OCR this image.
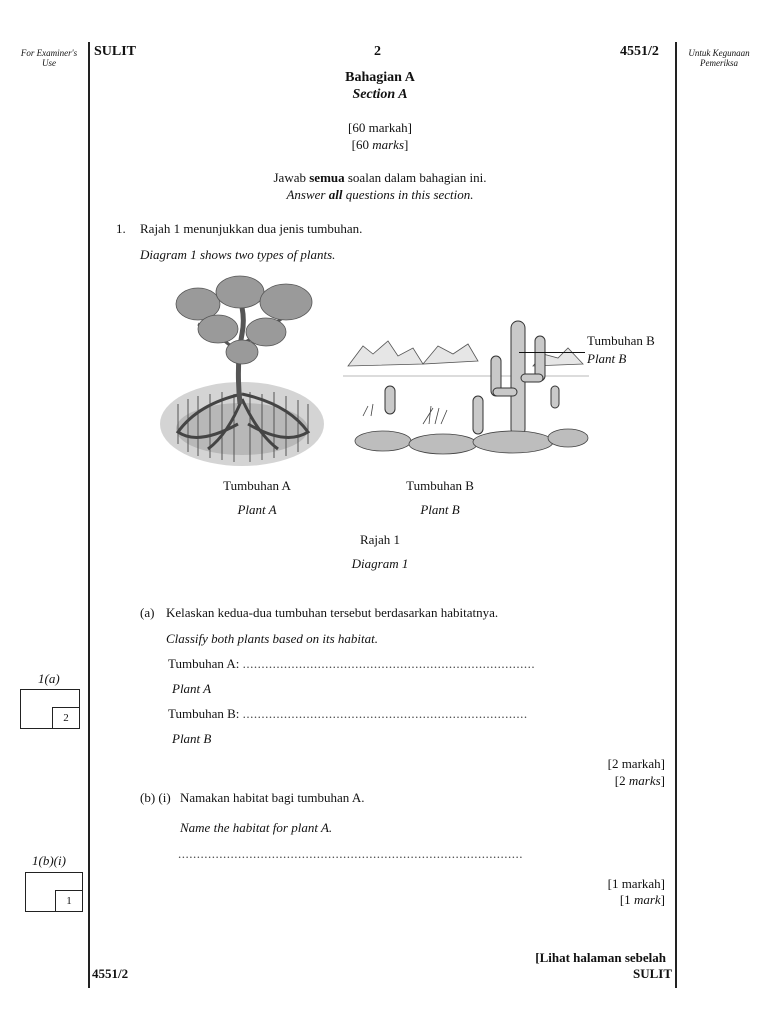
For Examiner's Use
Untuk Kegunaan Pemeriksa
SULIT	2	4551/2
Bahagian A
Section A
[60 markah]
[60 marks]
Jawab semua soalan dalam bahagian ini.
Answer all questions in this section.
1. Rajah 1 menunjukkan dua jenis tumbuhan.
Diagram 1 shows two types of plants.
Tumbuhan B
Plant B
Tumbuhan A
Plant A
Tumbuhan B
Plant B
Rajah 1
Diagram 1
(a) Kelaskan kedua-dua tumbuhan tersebut berdasarkan habitatnya.
Classify both plants based on its habitat.
Tumbuhan A: ..............................................................................
Plant A
Tumbuhan B: ............................................................................
Plant B
[2 markah]
[2 marks]
1(a)
2
(b) (i) Namakan habitat bagi tumbuhan A.
Name the habitat for plant A.
............................................................................................
[1 markah]
[1 mark]
1(b)(i)
1
[Lihat halaman sebelah
4551/2	SULIT
